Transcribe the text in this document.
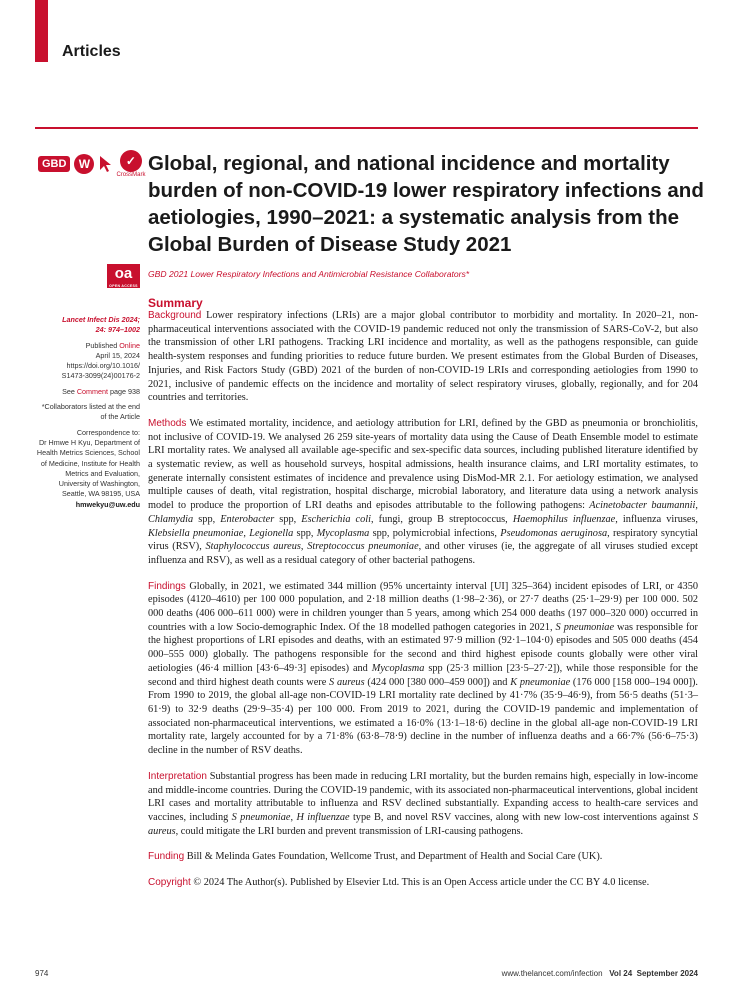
Articles
GBD	W	✓
CrossMark Global, regional, and national incidence and mortality burden of non-COVID-19 lower respiratory infections and aetiologies, 1990–2021: a systematic analysis from the Global Burden of Disease Study 2021
oa
OPEN ACCESS
GBD 2021 Lower Respiratory Infections and Antimicrobial Resistance Collaborators*

Lancet Infect Dis 2024;
24: 974–1002

Published Online
April 15, 2024
https://doi.org/10.1016/
S1473-3099(24)00176-2

See Comment page 938

*Collaborators listed at the end
of the Article

Correspondence to:
Dr Hmwe H Kyu, Department of
Health Metrics Sciences, School
of Medicine, Institute for Health
Metrics and Evaluation,
University of Washington,
Seattle, WA 98195, USA
hmwekyu@uw.edu

Summary

Background Lower respiratory infections (LRIs) are a major global contributor to morbidity and mortality. In 2020–21, non-pharmaceutical interventions associated with the COVID-19 pandemic reduced not only the transmission of SARS-CoV-2, but also the transmission of other LRI pathogens. Tracking LRI incidence and mortality, as well as the pathogens responsible, can guide health-system responses and funding priorities to reduce future burden. We present estimates from the Global Burden of Diseases, Injuries, and Risk Factors Study (GBD) 2021 of the burden of non-COVID-19 LRIs and corresponding aetiologies from 1990 to 2021, inclusive of pandemic effects on the incidence and mortality of select respiratory viruses, globally, regionally, and for 204 countries and territories.

Methods We estimated mortality, incidence, and aetiology attribution for LRI, defined by the GBD as pneumonia or bronchiolitis, not inclusive of COVID-19. We analysed 26 259 site-years of mortality data using the Cause of Death Ensemble model to estimate LRI mortality rates. We analysed all available age-specific and sex-specific data sources, including published literature identified by a systematic review, as well as household surveys, hospital admissions, health insurance claims, and LRI mortality estimates, to generate internally consistent estimates of incidence and prevalence using DisMod-MR 2.1. For aetiology estimation, we analysed multiple causes of death, vital registration, hospital discharge, microbial laboratory, and literature data using a network analysis model to produce the proportion of LRI deaths and episodes attributable to the following pathogens: Acinetobacter baumannii, Chlamydia spp, Enterobacter spp, Escherichia coli, fungi, group B streptococcus, Haemophilus influenzae, influenza viruses, Klebsiella pneumoniae, Legionella spp, Mycoplasma spp, polymicrobial infections, Pseudomonas aeruginosa, respiratory syncytial virus (RSV), Staphylococcus aureus, Streptococcus pneumoniae, and other viruses (ie, the aggregate of all viruses studied except influenza and RSV), as well as a residual category of other bacterial pathogens.

Findings Globally, in 2021, we estimated 344 million (95% uncertainty interval [UI] 325–364) incident episodes of LRI, or 4350 episodes (4120–4610) per 100 000 population, and 2·18 million deaths (1·98–2·36), or 27·7 deaths (25·1–29·9) per 100 000. 502 000 deaths (406 000–611 000) were in children younger than 5 years, among which 254 000 deaths (197 000–320 000) occurred in countries with a low Socio-demographic Index. Of the 18 modelled pathogen categories in 2021, S pneumoniae was responsible for the highest proportions of LRI episodes and deaths, with an estimated 97·9 million (92·1–104·0) episodes and 505 000 deaths (454 000–555 000) globally. The pathogens responsible for the second and third highest episode counts globally were other viral aetiologies (46·4 million [43·6–49·3] episodes) and Mycoplasma spp (25·3 million [23·5–27·2]), while those responsible for the second and third highest death counts were S aureus (424 000 [380 000–459 000]) and K pneumoniae (176 000 [158 000–194 000]). From 1990 to 2019, the global all-age non-COVID-19 LRI mortality rate declined by 41·7% (35·9–46·9), from 56·5 deaths (51·3–61·9) to 32·9 deaths (29·9–35·4) per 100 000. From 2019 to 2021, during the COVID-19 pandemic and implementation of associated non-pharmaceutical interventions, we estimated a 16·0% (13·1–18·6) decline in the global all-age non-COVID-19 LRI mortality rate, largely accounted for by a 71·8% (63·8–78·9) decline in the number of influenza deaths and a 66·7% (56·6–75·3) decline in the number of RSV deaths.

Interpretation Substantial progress has been made in reducing LRI mortality, but the burden remains high, especially in low-income and middle-income countries. During the COVID-19 pandemic, with its associated non-pharmaceutical interventions, global incident LRI cases and mortality attributable to influenza and RSV declined substantially. Expanding access to health-care services and vaccines, including S pneumoniae, H influenzae type B, and novel RSV vaccines, along with new low-cost interventions against S aureus, could mitigate the LRI burden and prevent transmission of LRI-causing pathogens.

Funding Bill & Melinda Gates Foundation, Wellcome Trust, and Department of Health and Social Care (UK).

Copyright © 2024 The Author(s). Published by Elsevier Ltd. This is an Open Access article under the CC BY 4.0 license.

974	www.thelancet.com/infection Vol 24 September 2024
